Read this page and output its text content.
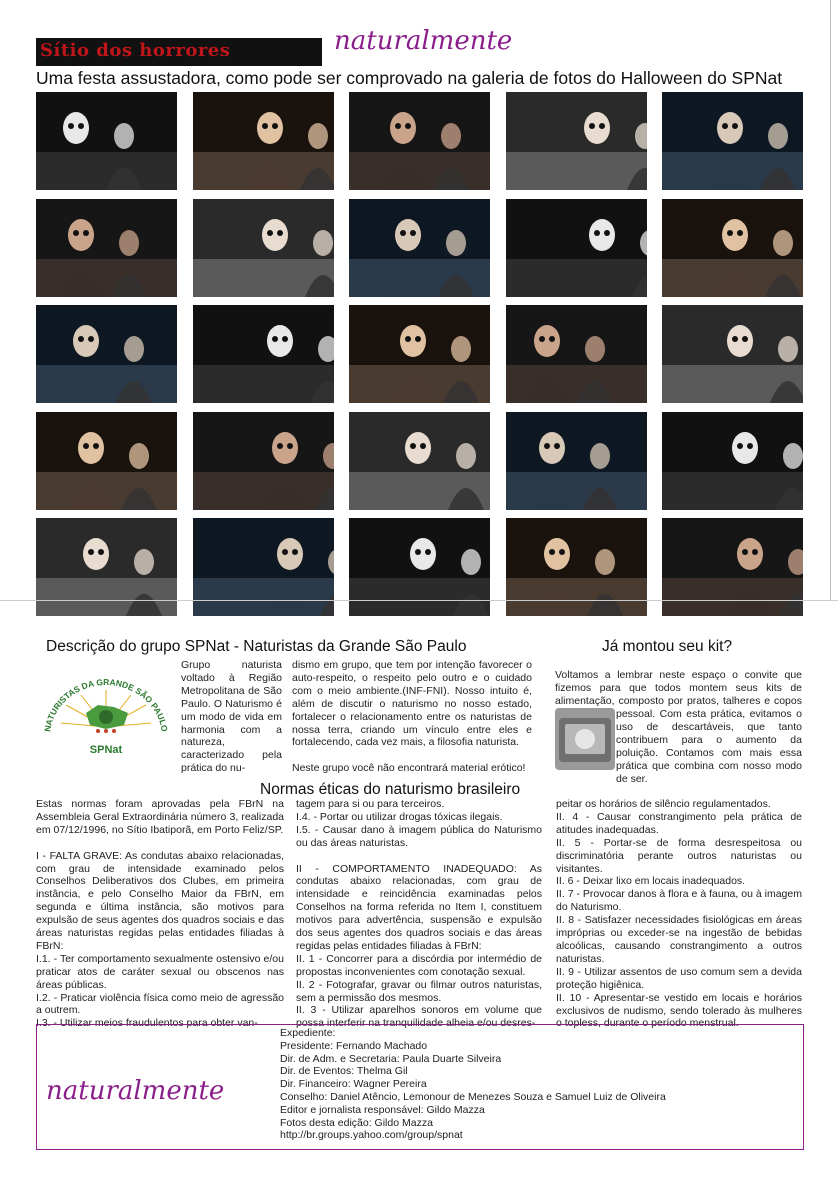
Sítio dos horrores	naturalmente
Uma festa assustadora, como pode ser comprovado na galeria de fotos do Halloween do SPNat
Descrição do grupo SPNat - Naturistas da Grande São Paulo
NATURISTAS DA GRANDE SÃO PAULO
SPNat
Grupo naturista voltado à Região Metropolitana de São Paulo. O Naturismo é um modo de vida em harmonia com a natureza, caracterizado pela prática do nu-

dismo em grupo, que tem por intenção favorecer o auto-respeito, o respeito pelo outro e o cuidado com o meio ambiente.(INF-FNI). Nosso intuito é, além de discutir o naturismo no nosso estado, fortalecer o relacionamento entre os naturistas de nossa terra, criando um vínculo entre eles e fortalecendo, cada vez mais, a filosofia naturista.

Neste grupo você não encontrará material erótico!

Já montou seu kit?
Voltamos a lembrar neste espaço o convite que fizemos para que todos montem seus kits de alimentação, composto por pratos, talheres e copos
pessoal. Com esta prática, evitamos o uso de descartáveis, que tanto contribuem para o aumento da poluição. Contamos com mais essa prática que combina com nosso modo de ser.
Normas éticas do naturismo brasileiro
Estas normas foram aprovadas pela FBrN na Assembleia Geral Extraordinária número 3, realizada em 07/12/1996, no Sítio Ibatiporã, em Porto Feliz/SP.
I - FALTA GRAVE: As condutas abaixo relacionadas, com grau de intensidade examinado pelos Conselhos Deliberativos dos Clubes, em primeira instância, e pelo Conselho Maior da FBrN, em segunda e última instância, são motivos para expulsão de seus agentes dos quadros sociais e das áreas naturistas regidas pelas entidades filiadas à FBrN:
I.1. - Ter comportamento sexualmente ostensivo e/ou praticar atos de caráter sexual ou obscenos nas áreas públicas.
I.2. - Praticar violência física como meio de agressão a outrem.
I.3. - Utilizar meios fraudulentos para obter van-
tagem para si ou para terceiros.
I.4. - Portar ou utilizar drogas tóxicas ilegais.
I.5. - Causar dano à imagem pública do Naturismo ou das áreas naturistas.
II - COMPORTAMENTO INADEQUADO: As condutas abaixo relacionadas, com grau de intensidade e reincidência examinadas pelos Conselhos na forma referida no Item I, constituem motivos para advertência, suspensão e expulsão dos seus agentes dos quadros sociais e das áreas regidas pelas entidades filiadas à FBrN:
II. 1 - Concorrer para a discórdia por intermédio de propostas inconvenientes com conotação sexual.
II. 2 - Fotografar, gravar ou filmar outros naturistas, sem a permissão dos mesmos.
II. 3 - Utilizar aparelhos sonoros em volume que possa interferir na tranquilidade alheia e/ou desres-
peitar os horários de silêncio regulamentados.
II. 4 - Causar constrangimento pela prática de atitudes inadequadas.
II. 5 - Portar-se de forma desrespeitosa ou discriminatória perante outros naturistas ou visitantes.
II. 6 - Deixar lixo em locais inadequados.
II. 7 - Provocar danos à flora e à fauna, ou à imagem do Naturismo.
II. 8 - Satisfazer necessidades fisiológicas em áreas impróprias ou exceder-se na ingestão de bebidas alcoólicas, causando constrangimento a outros naturistas.
II. 9 - Utilizar assentos de uso comum sem a devida proteção higiênica.
II. 10 - Apresentar-se vestido em locais e horários exclusivos de nudismo, sendo tolerado às mulheres o topless, durante o período menstrual.
naturalmente
Expediente:
Presidente: Fernando Machado
Dir. de Adm. e Secretaria: Paula Duarte Silveira
Dir. de Eventos: Thelma Gil
Dir. Financeiro: Wagner Pereira
Conselho: Daniel Atêncio, Lemonour de Menezes Souza e Samuel Luiz de Oliveira
Editor e jornalista responsável: Gildo Mazza
Fotos desta edição: Gildo Mazza
http://br.groups.yahoo.com/group/spnat
